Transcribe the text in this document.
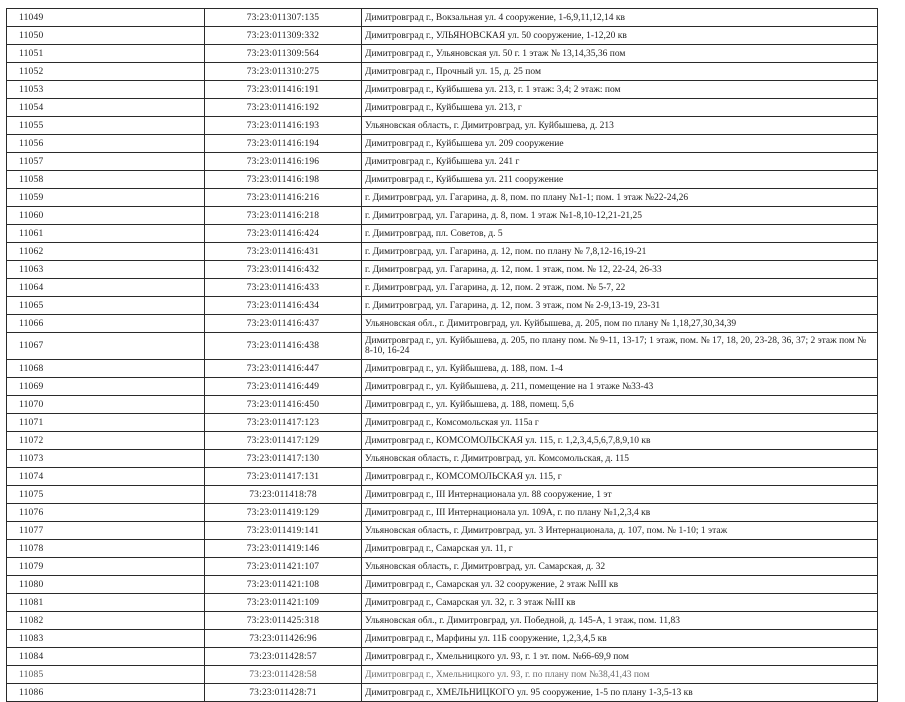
11049	73:23:011307:135	Димитровград г., Вокзальная ул. 4 сооружение, 1-6,9,11,12,14 кв
11050	73:23:011309:332	Димитровград г., УЛЬЯНОВСКАЯ ул. 50 сооружение, 1-12,20 кв
11051	73:23:011309:564	Димитровград г., Ульяновская ул. 50 г. 1 этаж № 13,14,35,36 пом
11052	73:23:011310:275	Димитровград г., Прочный ул. 15, д. 25 пом
11053	73:23:011416:191	Димитровград г., Куйбышева ул. 213, г. 1 этаж: 3,4; 2 этаж: пом
11054	73:23:011416:192	Димитровград г., Куйбышева ул. 213, г
11055	73:23:011416:193	Ульяновская область, г. Димитровград, ул. Куйбышева, д. 213
11056	73:23:011416:194	Димитровград г., Куйбышева ул. 209 сооружение
11057	73:23:011416:196	Димитровград г., Куйбышева ул. 241 г
11058	73:23:011416:198	Димитровград г., Куйбышева ул. 211 сооружение
11059	73:23:011416:216	г. Димитровград, ул. Гагарина, д. 8, пом. по плану №1-1; пом. 1 этаж №22-24,26
11060	73:23:011416:218	г. Димитровград, ул. Гагарина, д. 8, пом. 1 этаж №1-8,10-12,21-21,25
11061	73:23:011416:424	г. Димитровград, пл. Советов, д. 5
11062	73:23:011416:431	г. Димитровград, ул. Гагарина, д. 12, пом. по плану № 7,8,12-16,19-21
11063	73:23:011416:432	г. Димитровград, ул. Гагарина, д. 12, пом. 1 этаж, пом. № 12, 22-24, 26-33
11064	73:23:011416:433	г. Димитровград, ул. Гагарина, д. 12, пом. 2 этаж, пом. № 5-7, 22
11065	73:23:011416:434	г. Димитровград, ул. Гагарина, д. 12, пом. 3 этаж, пом № 2-9,13-19, 23-31
11066	73:23:011416:437	Ульяновская обл., г. Димитровград, ул. Куйбышева, д. 205, пом по плану № 1,18,27,30,34,39
11067	73:23:011416:438	Димитровград г., ул. Куйбышева, д. 205, по плану пом. № 9-11, 13-17; 1 этаж, пом. № 17, 18, 20, 23-28, 36, 37; 2 этаж пом № 8-10, 16-24
11068	73:23:011416:447	Димитровград г., ул. Куйбышева, д. 188, пом. 1-4
11069	73:23:011416:449	Димитровград г., ул. Куйбышева, д. 211, помещение на 1 этаже №33-43
11070	73:23:011416:450	Димитровград г., ул. Куйбышева, д. 188, помещ. 5,6
11071	73:23:011417:123	Димитровград г., Комсомольская ул. 115а г
11072	73:23:011417:129	Димитровград г., КОМСОМОЛЬСКАЯ ул. 115, г. 1,2,3,4,5,6,7,8,9,10 кв
11073	73:23:011417:130	Ульяновская область, г. Димитровград, ул. Комсомольская, д. 115
11074	73:23:011417:131	Димитровград г., КОМСОМОЛЬСКАЯ ул. 115, г
11075	73:23:011418:78	Димитровград г., III Интернационала ул. 88 сооружение, 1 эт
11076	73:23:011419:129	Димитровград г., III Интернационала ул. 109А, г. по плану №1,2,3,4 кв
11077	73:23:011419:141	Ульяновская область, г. Димитровград, ул. 3 Интернационала, д. 107, пом. № 1-10; 1 этаж
11078	73:23:011419:146	Димитровград г., Самарская ул. 11, г
11079	73:23:011421:107	Ульяновская область, г. Димитровград, ул. Самарская, д. 32
11080	73:23:011421:108	Димитровград г., Самарская ул. 32 сооружение, 2 этаж №III кв
11081	73:23:011421:109	Димитровград г., Самарская ул. 32, г. 3 этаж №III кв
11082	73:23:011425:318	Ульяновская обл., г. Димитровград, ул. Победной, д. 145-А, 1 этаж, пом. 11,83
11083	73:23:011426:96	Димитровград г., Марфины ул. 11Б сооружение, 1,2,3,4,5 кв
11084	73:23:011428:57	Димитровград г., Хмельницкого ул. 93, г. 1 эт. пом. №66-69,9 пом
11085	73:23:011428:58	Димитровград г., Хмельницкого ул. 93, г. по плану пом №38,41,43 пом
11086	73:23:011428:71	Димитровград г., ХМЕЛЬНИЦКОГО ул. 95 сооружение, 1-5 по плану 1-3,5-13 кв
